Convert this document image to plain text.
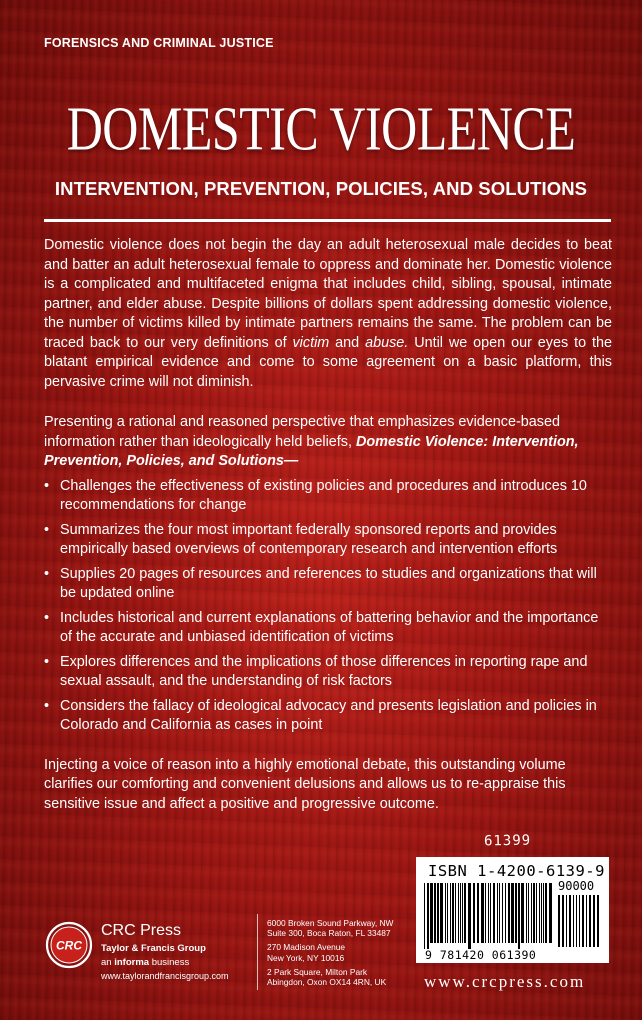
FORENSICS AND CRIMINAL JUSTICE
DOMESTIC VIOLENCE
INTERVENTION, PREVENTION, POLICIES, AND SOLUTIONS

Domestic violence does not begin the day an adult heterosexual male decides to beat and batter an adult heterosexual female to oppress and dominate her. Domestic violence is a complicated and multifaceted enigma that includes child, sibling, spousal, intimate partner, and elder abuse. Despite billions of dollars spent addressing domestic violence, the number of victims killed by intimate partners remains the same. The problem can be traced back to our very definitions of victim and abuse. Until we open our eyes to the blatant empirical evidence and come to some agreement on a basic platform, this pervasive crime will not diminish.

Presenting a rational and reasoned perspective that emphasizes evidence-based information rather than ideologically held beliefs, Domestic Violence: Intervention, Prevention, Policies, and Solutions—

• Challenges the effectiveness of existing policies and procedures and introduces 10 recommendations for change
• Summarizes the four most important federally sponsored reports and provides empirically based overviews of contemporary research and intervention efforts
• Supplies 20 pages of resources and references to studies and organizations that will be updated online
• Includes historical and current explanations of battering behavior and the importance of the accurate and unbiased identification of victims
• Explores differences and the implications of those differences in reporting rape and sexual assault, and the understanding of risk factors
• Considers the fallacy of ideological advocacy and presents legislation and policies in Colorado and California as cases in point

Injecting a voice of reason into a highly emotional debate, this outstanding volume clarifies our comforting and convenient delusions and allows us to re-appraise this sensitive issue and affect a positive and progressive outcome.

61399
ISBN 1-4200-6139-9
90000
9 781420 061390
www.crcpress.com
CRC
CRC Press
Taylor & Francis Group
an informa business
www.taylorandfrancisgroup.com
6000 Broken Sound Parkway, NW
Suite 300, Boca Raton, FL 33487
270 Madison Avenue
New York, NY 10016
2 Park Square, Milton Park
Abingdon, Oxon OX14 4RN, UK
